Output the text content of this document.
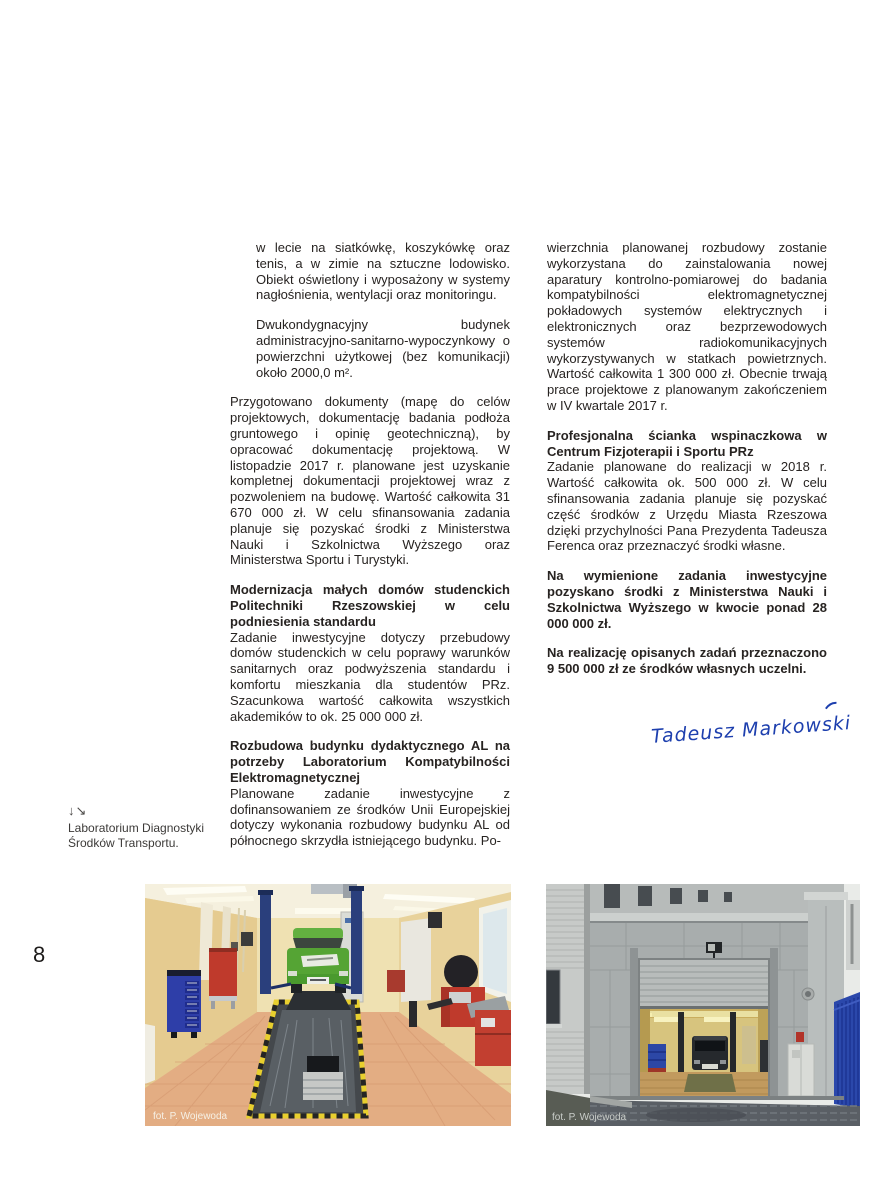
8
↓↘
Laboratorium Diagnostyki
Środków Transportu.

w lecie na siatkówkę, koszykówkę oraz tenis, a w zimie na sztuczne lodowisko. Obiekt oświetlony i wyposażony w systemy nagłośnienia, wentylacji oraz monitoringu.

Dwukondygnacyjny budynek administracyjno-sanitarno-wypoczynkowy o powierzchni użytkowej (bez komunikacji) około 2000,0 m².

Przygotowano dokumenty (mapę do celów projektowych, dokumentację badania podłoża gruntowego i opinię geotechniczną), by opracować dokumentację projektową. W listopadzie 2017 r. planowane jest uzyskanie kompletnej dokumentacji projektowej wraz z pozwoleniem na budowę. Wartość całkowita 31 670 000 zł. W celu sfinansowania zadania planuje się pozyskać środki z Ministerstwa Nauki i Szkolnictwa Wyższego oraz Ministerstwa Sportu i Turystyki.

Modernizacja małych domów studenckich Politechniki Rzeszowskiej w celu podniesienia standardu

Zadanie inwestycyjne dotyczy przebudowy domów studenckich w celu poprawy warunków sanitarnych oraz podwyższenia standardu i komfortu mieszkania dla studentów PRz. Szacunkowa wartość całkowita wszystkich akademików to ok. 25 000 000 zł.

Rozbudowa budynku dydaktycznego AL na potrzeby Laboratorium Kompatybilności Elektromagnetycznej

Planowane zadanie inwestycyjne z dofinansowaniem ze środków Unii Europejskiej dotyczy wykonania rozbudowy budynku AL od północnego skrzydła istniejącego budynku. Po-

wierzchnia planowanej rozbudowy zostanie wykorzystana do zainstalowania nowej aparatury kontrolno-pomiarowej do badania kompatybilności elektromagnetycznej pokładowych systemów elektrycznych i elektronicznych oraz bezprzewodowych systemów radiokomunikacyjnych wykorzystywanych w statkach powietrznych. Wartość całkowita 1 300 000 zł. Obecnie trwają prace projektowe z planowanym zakończeniem w IV kwartale 2017 r.

Profesjonalna ścianka wspinaczkowa w Centrum Fizjoterapii i Sportu PRz

Zadanie planowane do realizacji w 2018 r. Wartość całkowita ok. 500 000 zł. W celu sfinansowania zadania planuje się pozyskać część środków z Urzędu Miasta Rzeszowa dzięki przychylności Pana Prezydenta Tadeusza Ferenca oraz przeznaczyć środki własne.

Na wymienione zadania inwestycyjne pozyskano środki z Ministerstwa Nauki i Szkolnictwa Wyższego w kwocie ponad 28 000 000 zł.

Na realizację opisanych zadań przeznaczono 9 500 000 zł ze środków własnych uczelni.

Tadeusz Markowski
fot. P. Wojewoda	fot. P. Wojewoda
